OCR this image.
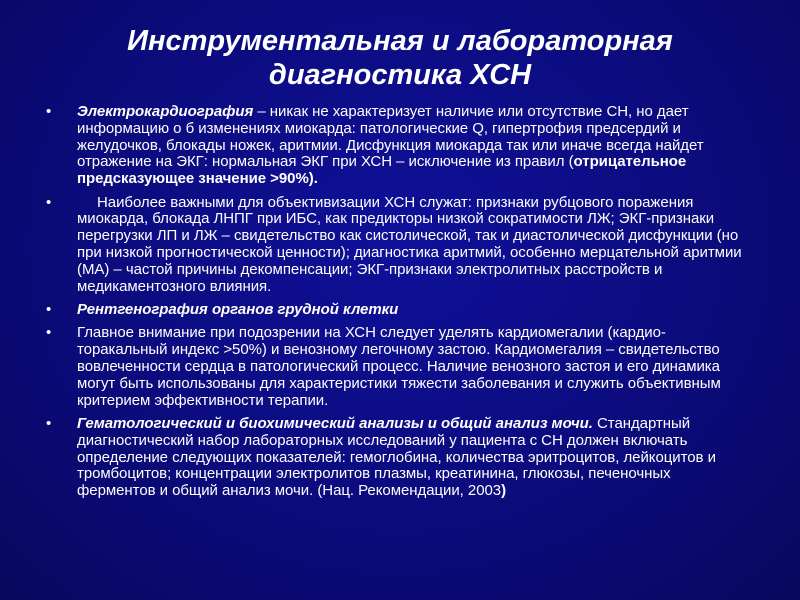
Инструментальная и лабораторная
диагностика ХСН
•	Электрокардиография – никак не характеризует наличие или отсутствие СН, но дает информацию о б изменениях миокарда: патологические Q, гипертрофия предсердий и желудочков, блокады ножек, аритмии. Дисфункция миокарда так или иначе всегда найдет отражение на ЭКГ: нормальная ЭКГ при ХСН – исключение из правил (отрицательное предсказующее значение >90%).
•	Наиболее важными для объективизации ХСН служат: признаки рубцового поражения миокарда, блокада ЛНПГ при ИБС, как предикторы низкой сократимости ЛЖ; ЭКГ-признаки перегрузки ЛП и ЛЖ – свидетельство как систолической, так и диастолической дисфункции (но при низкой прогностической ценности); диагностика аритмий, особенно мерцательной аритмии (МА) – частой причины декомпенсации; ЭКГ-признаки электролитных расстройств и медикаментозного влияния.
•	Рентгенография органов грудной клетки
•	Главное внимание при подозрении на ХСН следует уделять кардиомегалии (кардио-торакальный индекс >50%) и венозному легочному застою. Кардиомегалия – свидетельство вовлеченности сердца в патологический процесс. Наличие венозного застоя и его динамика могут быть использованы для характеристики тяжести заболевания и служить объективным критерием эффективности терапии.
•	Гематологический и биохимический анализы и общий анализ мочи. Стандартный диагностический набор лабораторных исследований у пациента с СН должен включать определение следующих показателей: гемоглобина, количества эритроцитов, лейкоцитов и тромбоцитов; концентрации электролитов плазмы, креатинина, глюкозы, печеночных ферментов и общий анализ мочи. (Нац. Рекомендации, 2003)
